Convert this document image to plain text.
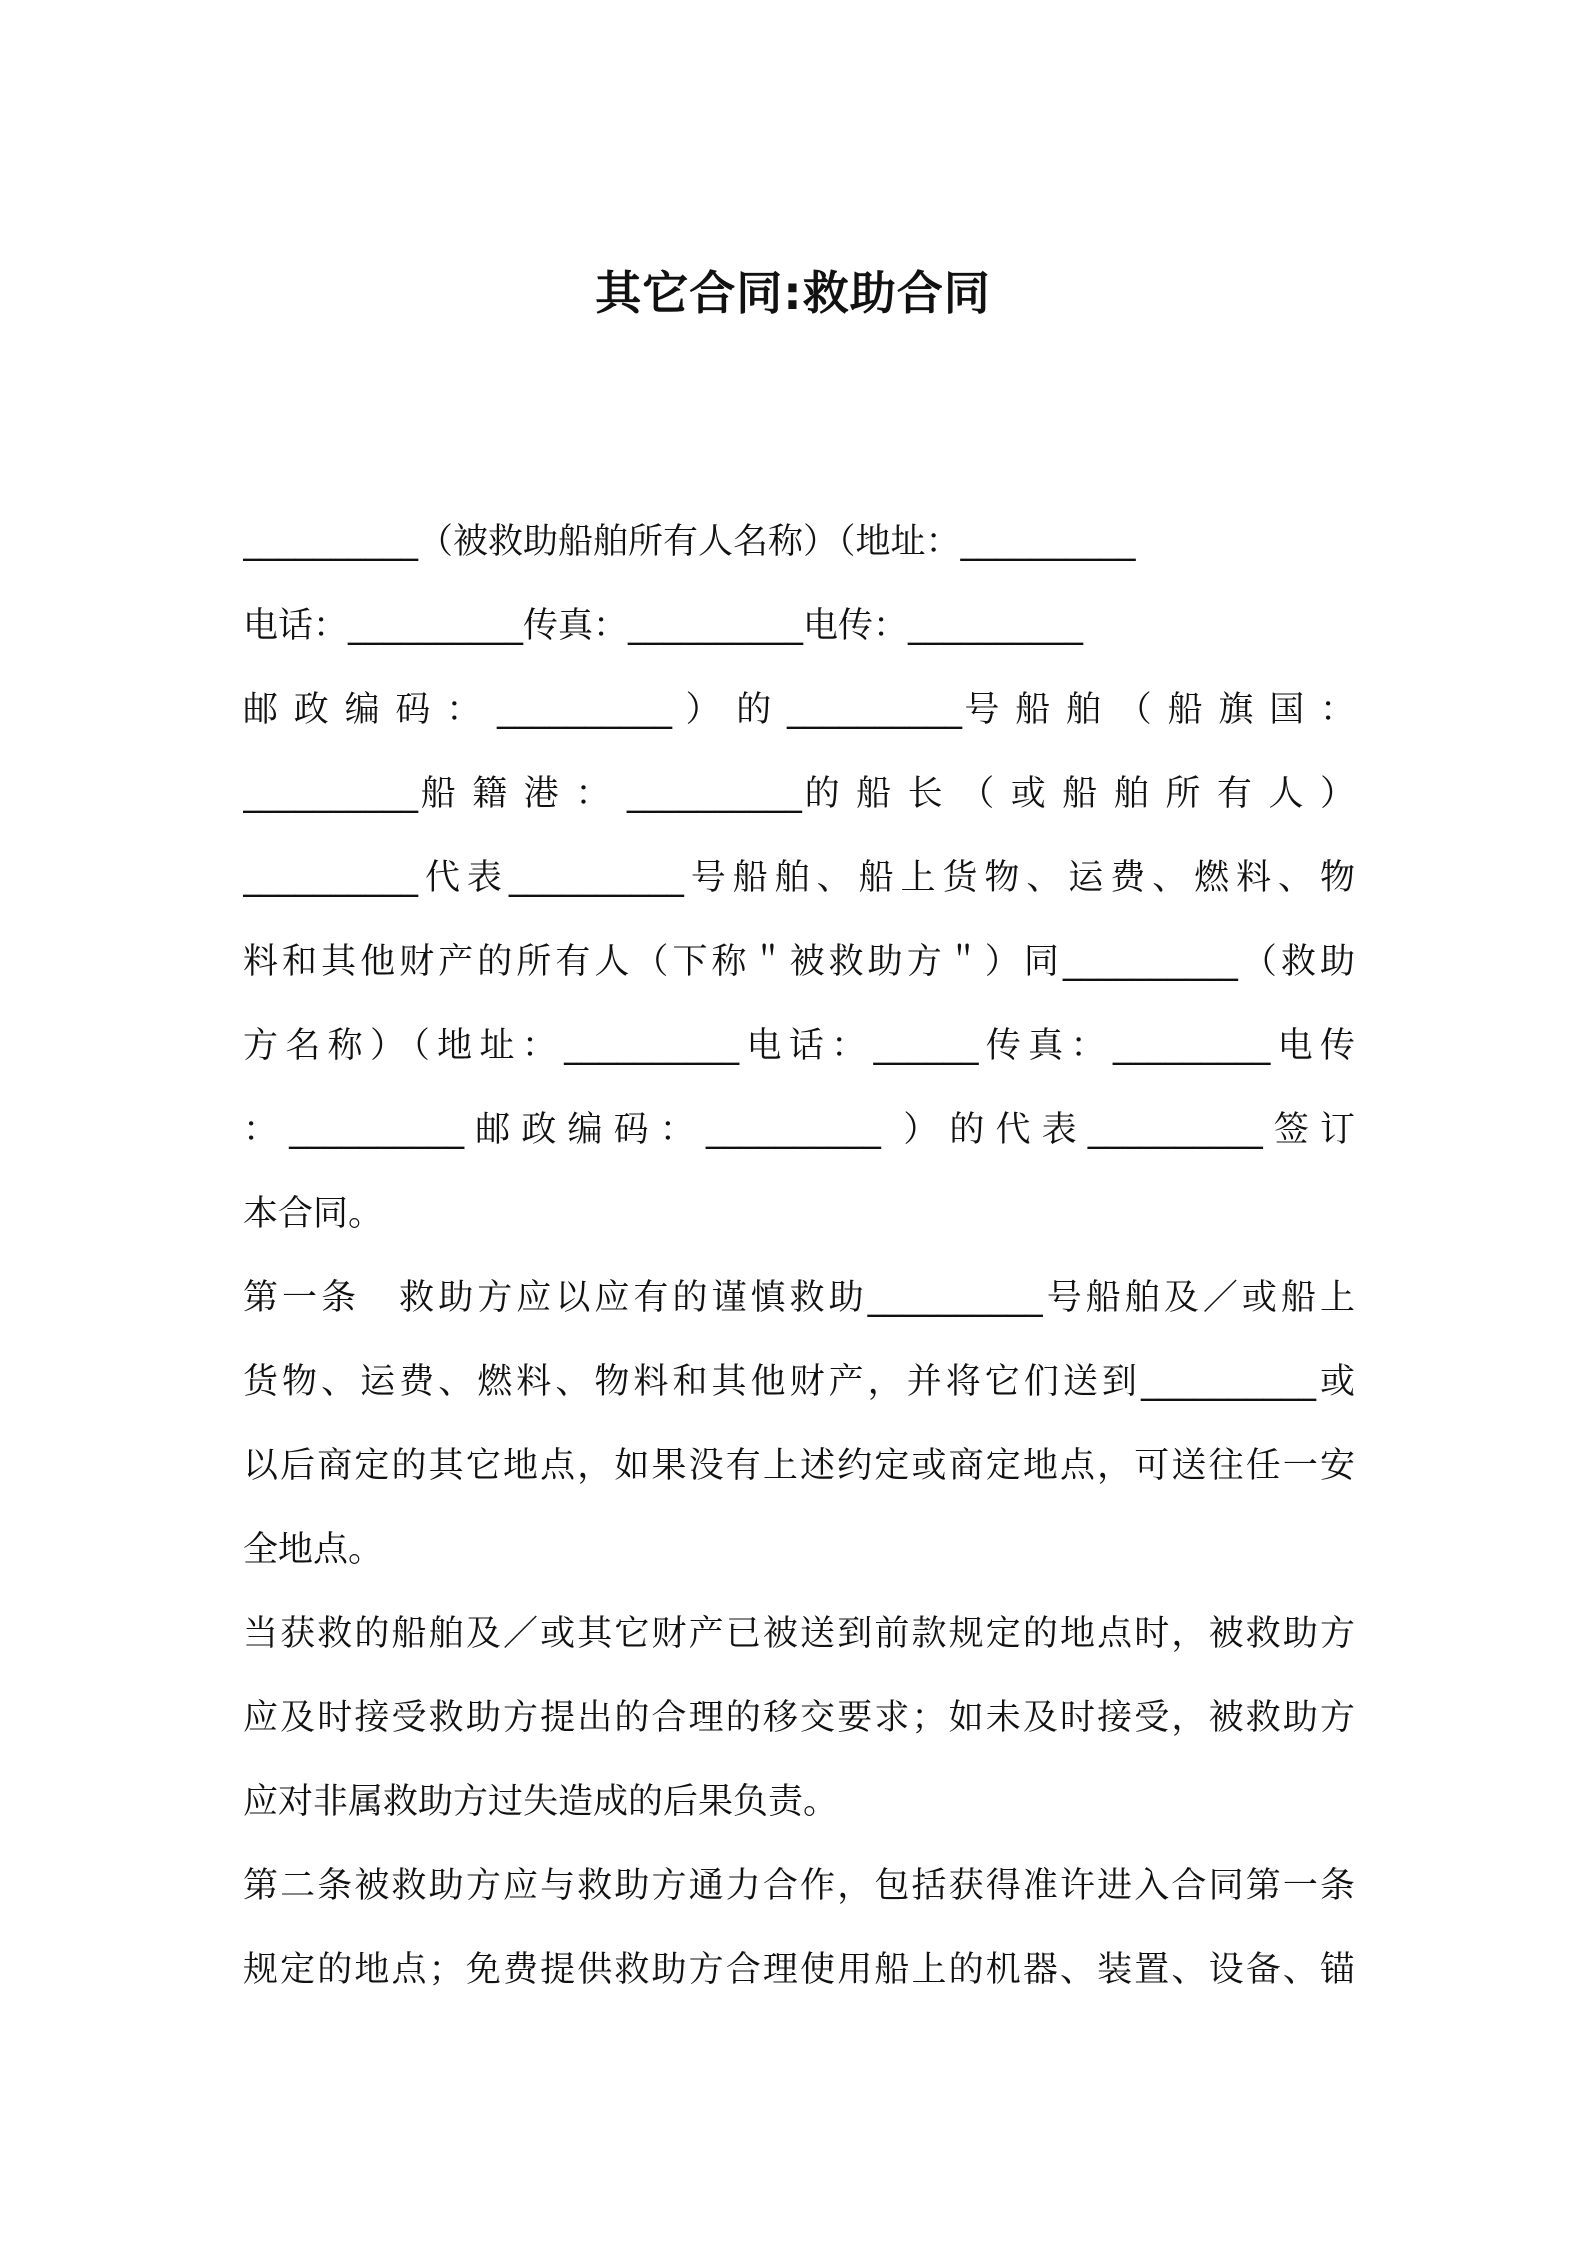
其它合同:救助合同
__________（被救助船舶所有人名称）（地址：__________
电话：__________传真：__________电传：__________
邮 政 编 码 ： __________ ） 的 __________号 船 舶 （ 船 旗 国 ：
__________船 籍 港 ： __________的 船 长 （ 或 船 舶 所 有 人 ）
__________代表__________号船舶、船上货物、运费、燃料、物
料和其他财产的所有人（下称＂被救助方＂）同__________（救助
方名称）（地址：__________电话：______传真：_________电传
：__________邮政编码：__________ ）的代表__________签订
本合同。
第一条　救助方应以应有的谨慎救助__________号船舶及／或船上
货物、运费、燃料、物料和其他财产，并将它们送到__________或
以后商定的其它地点，如果没有上述约定或商定地点，可送往任一安
全地点。
当获救的船舶及／或其它财产已被送到前款规定的地点时，被救助方
应及时接受救助方提出的合理的移交要求；如未及时接受，被救助方
应对非属救助方过失造成的后果负责。
第二条被救助方应与救助方通力合作，包括获得准许进入合同第一条
规定的地点；免费提供救助方合理使用船上的机器、装置、设备、锚
